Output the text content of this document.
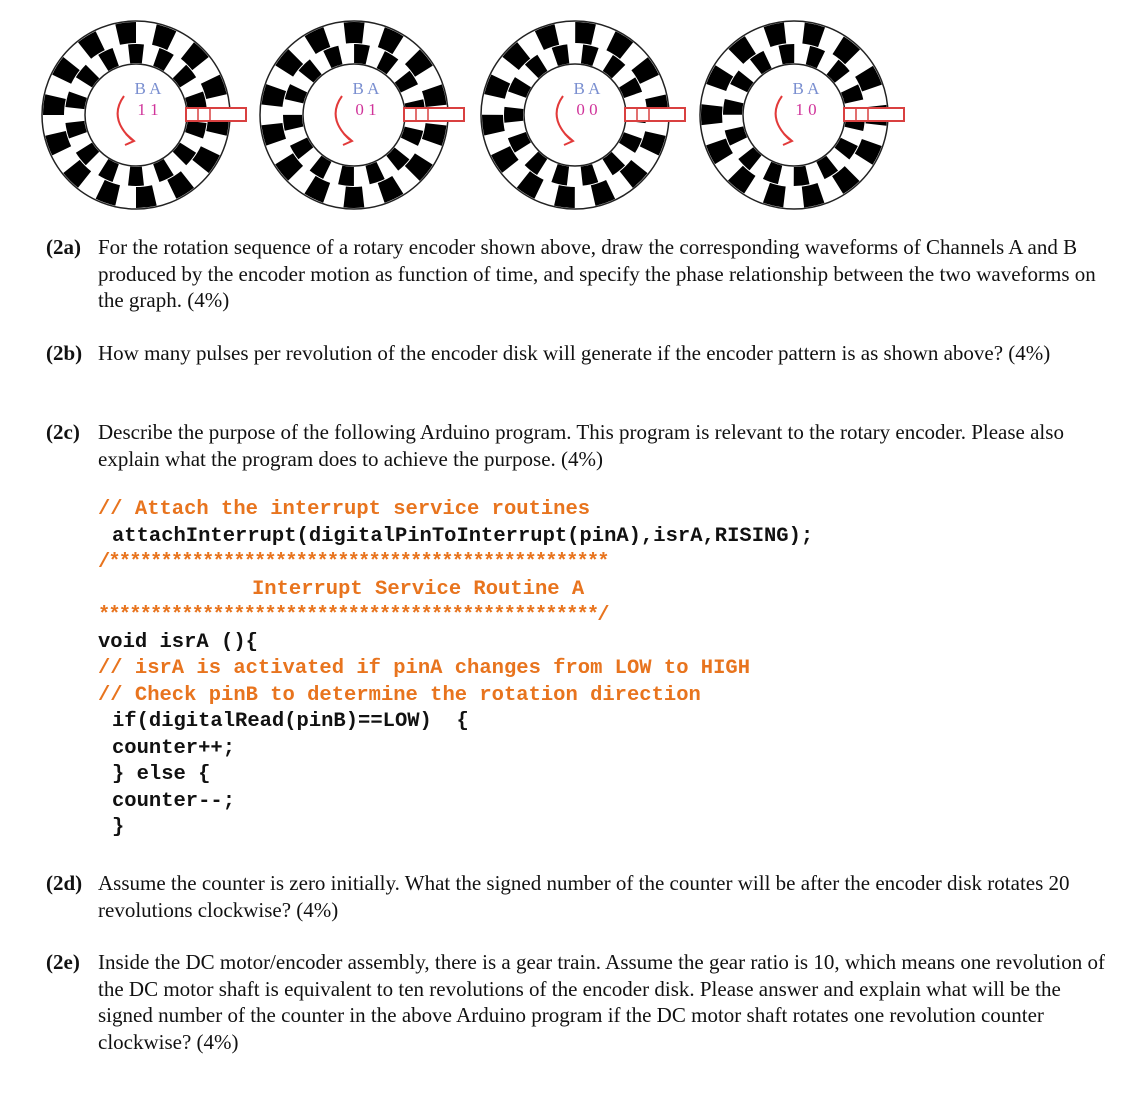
B A
1 1
B A
0 1
B A
0 0
B A
1 0
(2a) For the rotation sequence of a rotary encoder shown above, draw the corresponding waveforms of Channels A and B produced by the encoder motion as function of time, and specify the phase relationship between the two waveforms on the graph. (4%)
(2b) How many pulses per revolution of the encoder disk will generate if the encoder pattern is as shown above? (4%)
(2c) Describe the purpose of the following Arduino program. This program is relevant to the rotary encoder. Please also explain what the program does to achieve the purpose. (4%)
// Attach the interrupt service routines
attachInterrupt(digitalPinToInterrupt(pinA),isrA,RISING);
/************************************************
Interrupt Service Routine A
************************************************/
void isrA (){
// isrA is activated if pinA changes from LOW to HIGH
// Check pinB to determine the rotation direction
if(digitalRead(pinB)==LOW)  {
counter++;
} else {
counter--;
}
(2d) Assume the counter is zero initially. What the signed number of the counter will be after the encoder disk rotates 20 revolutions clockwise? (4%)
(2e) Inside the DC motor/encoder assembly, there is a gear train. Assume the gear ratio is 10, which means one revolution of the DC motor shaft is equivalent to ten revolutions of the encoder disk. Please answer and explain what will be the signed number of the counter in the above Arduino program if the DC motor shaft rotates one revolution counter clockwise? (4%)
